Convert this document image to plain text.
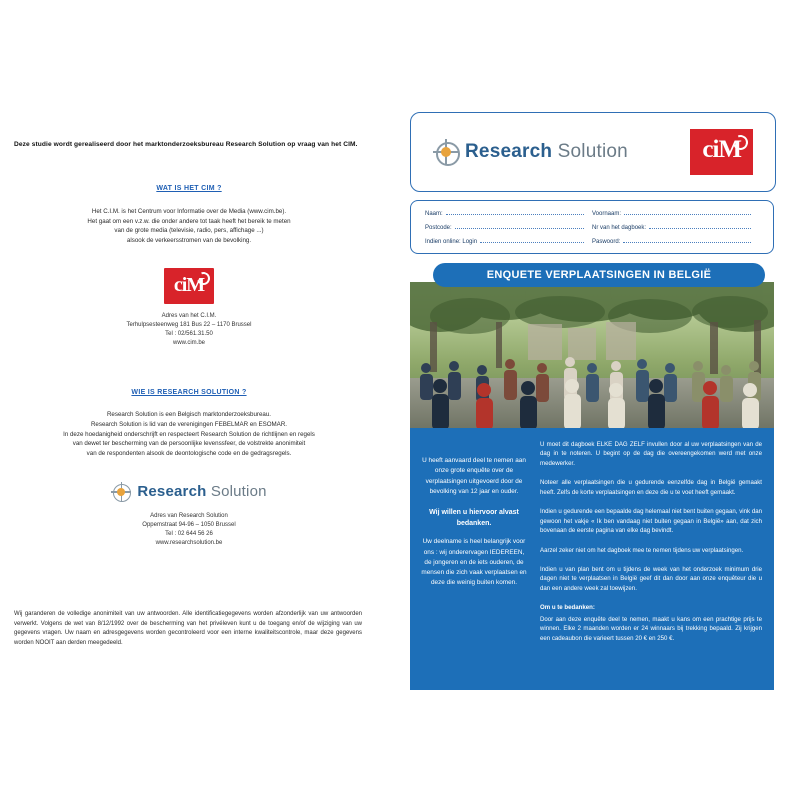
Deze studie wordt gerealiseerd door het marktonderzoeksbureau Research Solution op vraag van het CIM.
WAT IS HET CIM ?
Het C.I.M. is het Centrum voor Informatie over de Media (www.cim.be).
Het gaat om een v.z.w. die onder andere tot taak heeft het bereik te meten
van de grote media (televisie, radio, pers, affichage ...)
alsook de verkeersstromen van de bevolking.
ciM
Adres van het C.I.M.
Terhulpsesteenweg 181 Bus 22 – 1170 Brussel
Tel : 02/561.31.50
www.cim.be
WIE IS RESEARCH SOLUTION ?
Research Solution is een Belgisch marktonderzoeksbureau.
Research Solution is lid van de verenigingen FEBELMAR en ESOMAR.
In deze hoedanigheid onderschrijft en respecteert Research Solution de richtlijnen en regels
van dewet ter bescherming van de persoonlijke levenssfeer, de volstrekte anonimiteit
van de respondenten alsook de deontologische code en de gedragsregels.
Research Solution
Adres van Research Solution
Oppemstraat 94-96 – 1050 Brussel
Tel : 02 644 56 26
www.researchsolution.be
Wij garanderen de volledige anonimiteit van uw antwoorden. Alle identificatiegegevens worden afzonderlijk van uw antwoorden verwerkt. Volgens de wet van 8/12/1992 over de bescherming van het privéleven kunt u de toegang en/of de wijziging van uw gegevens vragen. Uw naam en adresgegevens worden gecontroleerd voor een interne kwaliteitscontrole, maar deze gegevens worden NOOIT aan derden meegedeeld.
Research Solution	ciM
Naam:	Voornaam:
Postcode:	Nr van het dagboek:
Indien online: Login	Paswoord:
ENQUETE VERPLAATSINGEN IN BELGIË
U heeft aanvaard deel te nemen aan onze grote enquête over de verplaatsingen uitgevoerd door de bevolking van 12 jaar en ouder.
Wij willen u hiervoor alvast bedanken.
Uw deelname is heel belangrijk voor ons : wij onderervagen IEDEREEN, de jongeren en de iets ouderen, de mensen die zich vaak verplaatsen en deze die weinig buiten komen.

U moet dit dagboek ELKE DAG ZELF invullen door al uw verplaatsingen van de dag in te noteren. U begint op de dag die overeengekomen werd met onze medewerker.

Noteer alle verplaatsingen die u gedurende eenzelfde dag in België gemaakt heeft. Zelfs de korte verplaatsingen en deze die u te voet heeft gemaakt.

Indien u gedurende een bepaalde dag helemaal niet bent buiten gegaan, vink dan gewoon het vakje « Ik ben vandaag niet buiten gegaan in België» aan, dat zich bovenaan de eerste pagina van elke dag bevindt.

Aarzel zeker niet om het dagboek mee te nemen tijdens uw verplaatsingen.

Indien u van plan bent om u tijdens de week van het onderzoek minimum drie dagen niet te verplaatsen in België geef dit dan door aan onze enquêteur die u dan een andere week zal toewijzen.

Om u te bedanken:

Door aan deze enquête deel te nemen, maakt u kans om een prachtige prijs te winnen. Elke 2 maanden worden er 24 winnaars bij trekking bepaald. Zij krijgen een cadeaubon die varieert tussen 20 € en 250 €.
